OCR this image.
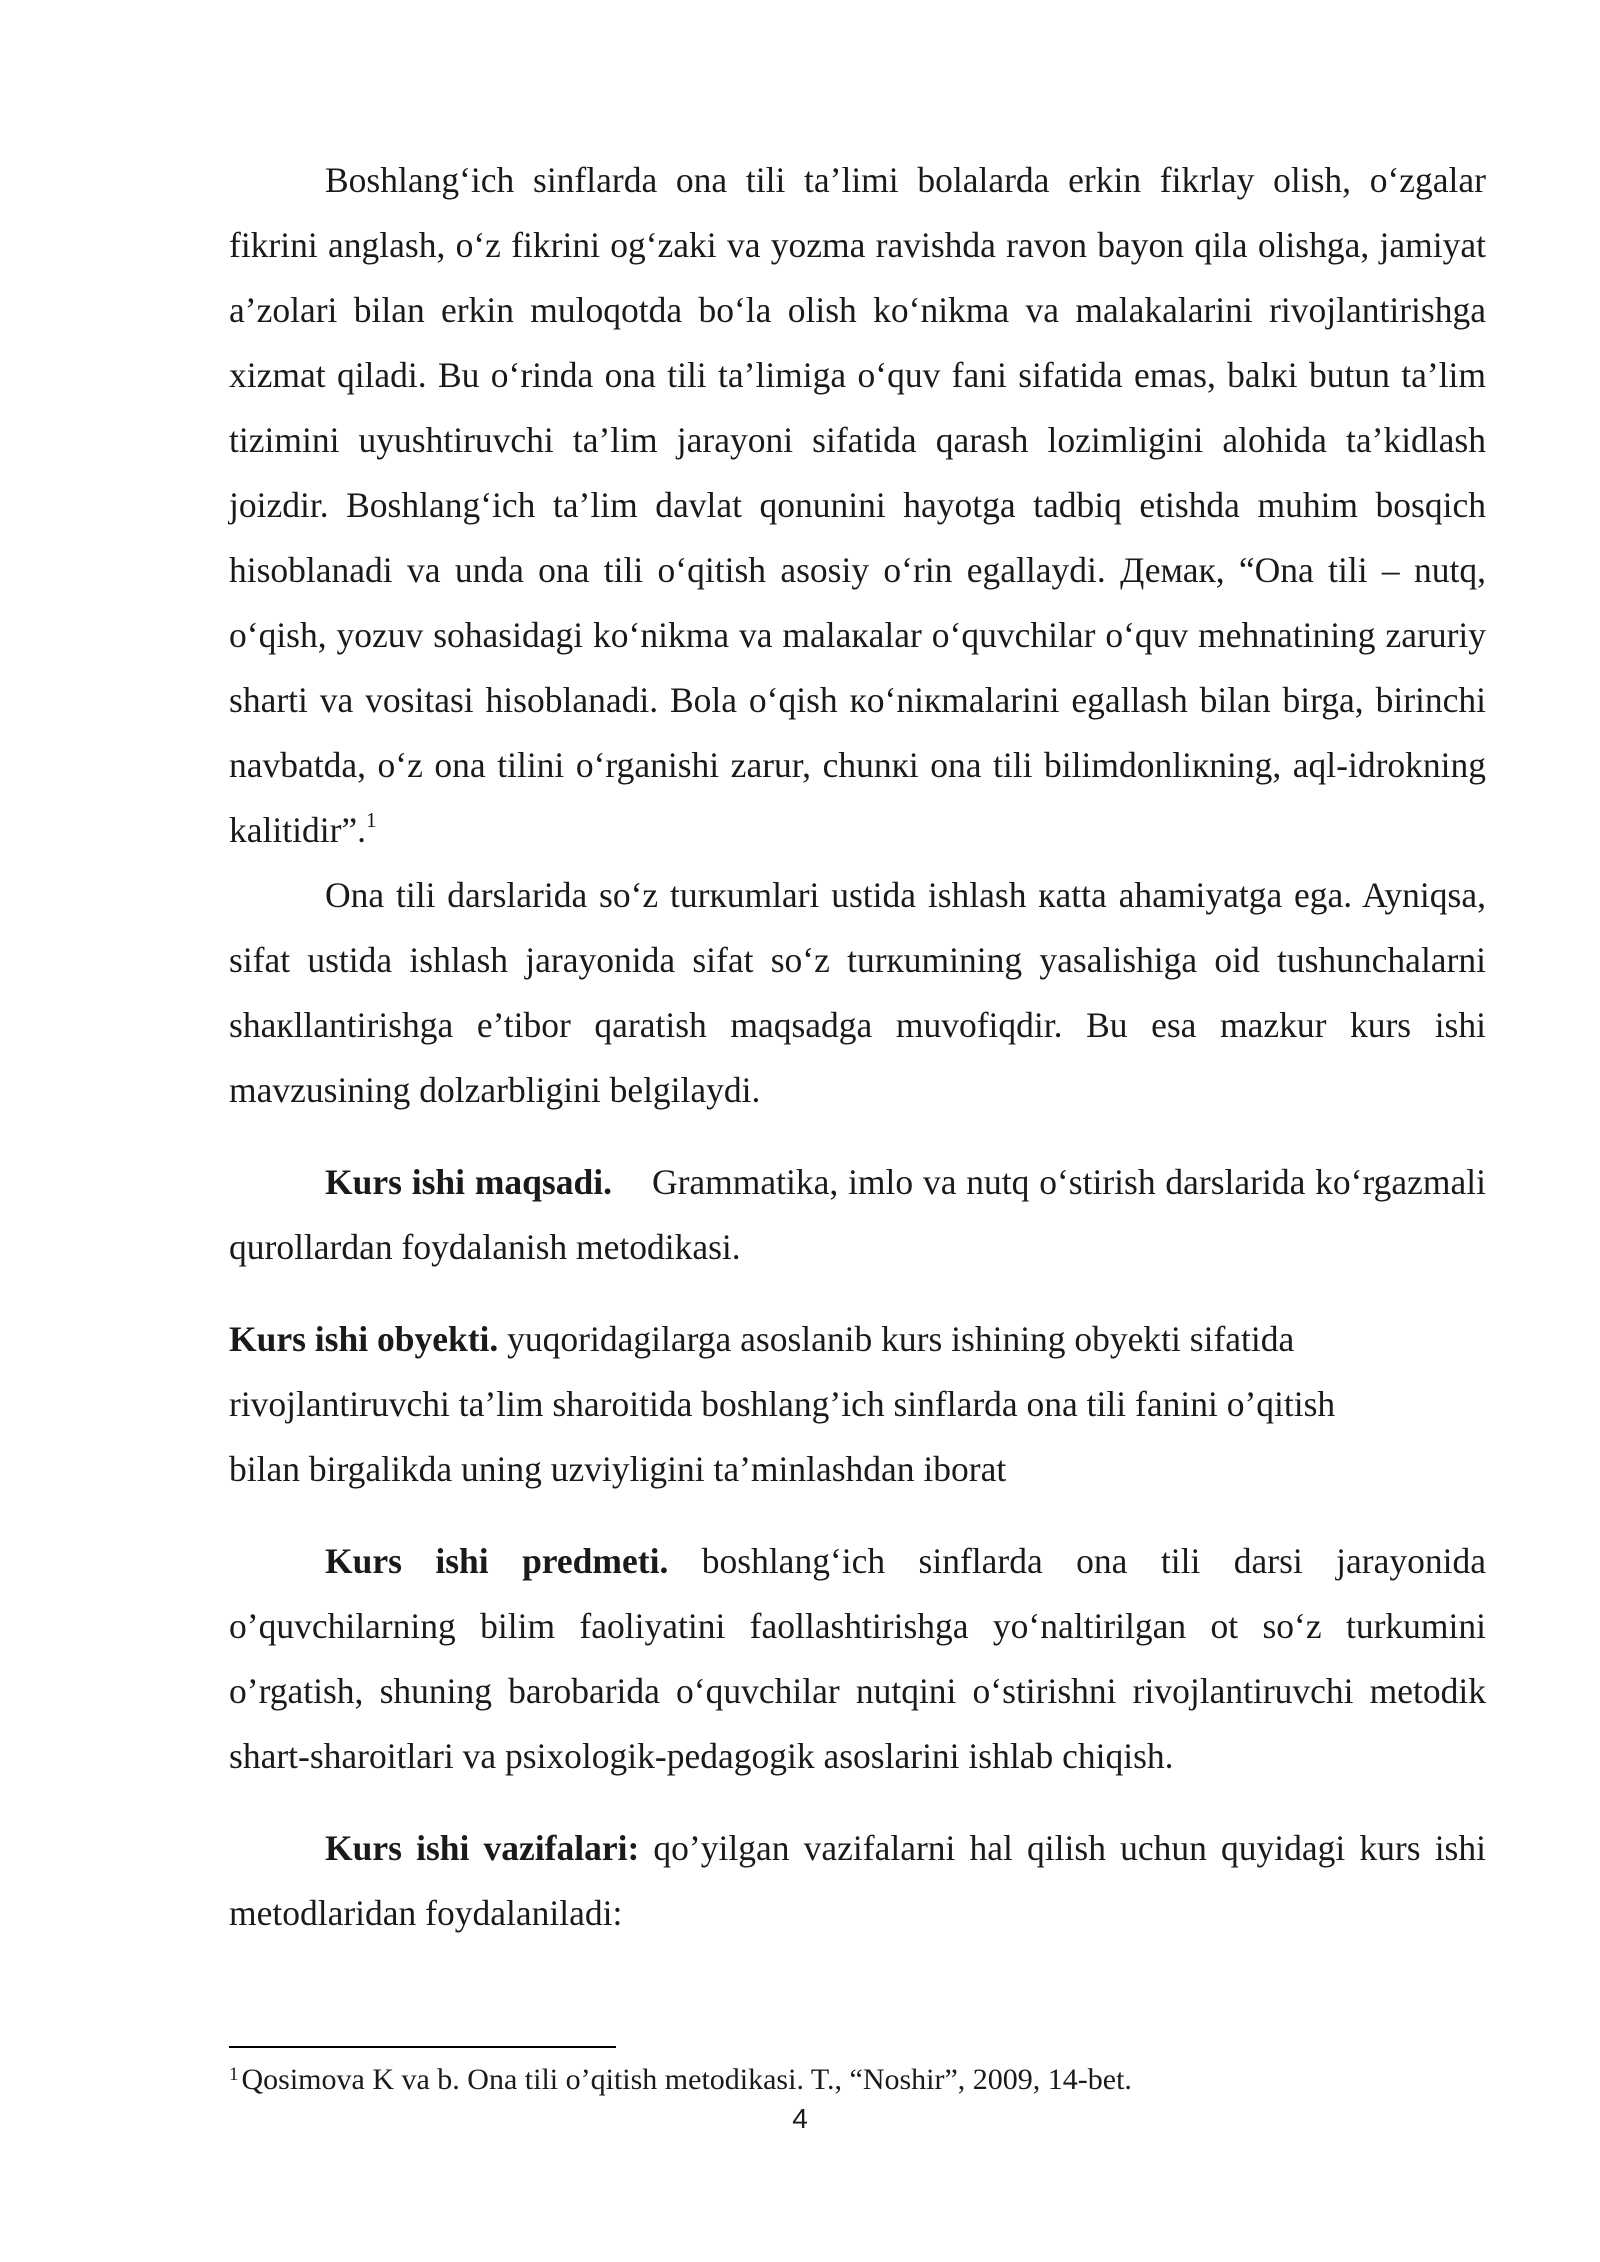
Boshlang‘ich sinflarda ona tili ta’limi bolalarda erkin fikrlay olish, o‘zgalar fikrini anglash, o‘z fikrini og‘zaki va yozma ravishda ravon bayon qila olishga, jamiyat a’zolari bilan erkin muloqotda bo‘la olish ko‘nikma va malakalarini rivojlantirishga xizmat qiladi. Bu o‘rinda ona tili ta’limiga o‘quv fani sifatida emas, balкi butun ta’lim tizimini uyushtiruvchi ta’lim jarayoni sifatida qarash lozimligini alohida ta’kidlash joizdir. Boshlang‘ich ta’lim davlat qonunini hayotga tadbiq etishda muhim bosqich hisoblanadi va unda ona tili o‘qitish asosiy o‘rin egallaydi. Демак, “Ona tili – nutq, o‘qish, yozuv sohasidagi ko‘nikma va malaкalar o‘quvchilar o‘quv mehnatining zaruriy sharti va vositasi hisoblanadi. Bola o‘qish кo‘niкmalarini egallash bilan birga, birinchi navbatda, o‘z ona tilini o‘rganishi zarur, chunкi ona tili bilimdonliкning, aql-idrokning kalitidir”.$^1$

Ona tili darslarida so‘z turкumlari ustida ishlash кatta ahamiyatga ega. Ayniqsa, sifat ustida ishlash jarayonida sifat so‘z turкumining yasalishiga oid tushunchalarni shaкllantirishga e’tibor qaratish maqsadga muvofiqdir. Bu esa mazkur kurs ishi mavzusining dolzarbligini belgilaydi.

Kurs ishi maqsadi. Grammatika, imlo va nutq o‘stirish darslarida ko‘rgazmali qurollardan foydalanish metodikasi.

Kurs ishi obyekti. yuqoridagilarga asoslanib kurs ishining obyekti sifatida

rivojlantiruvchi ta’lim sharoitida boshlang’ich sinflarda ona tili fanini o’qitish

bilan birgalikda uning uzviyligini ta’minlashdan iborat

Kurs ishi predmeti. boshlang‘ich sinflarda ona tili darsi jarayonida o’quvchilarning bilim faoliyatini faollashtirishga yo‘naltirilgan ot so‘z turkumini o’rgatish, shuning barobarida o‘quvchilar nutqini o‘stirishni rivojlantiruvchi metodik shart-sharoitlari va psixologik-pedagogik asoslarini ishlab chiqish.

Kurs ishi vazifalari: qo’yilgan vazifalarni hal qilish uchun quyidagi kurs ishi metodlaridan foydalaniladi:

$^1$ Qosimova K va b. Ona tili o’qitish metodikasi. T., “Noshir”, 2009, 14-bet.
4
